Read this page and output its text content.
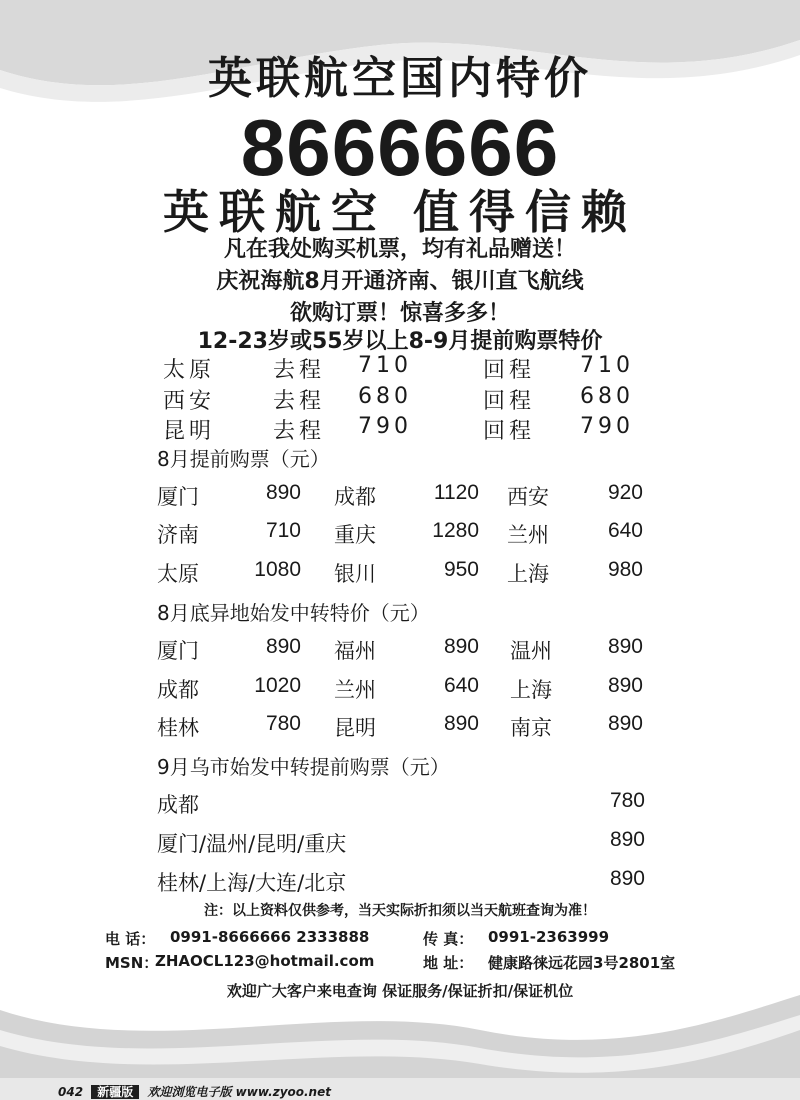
英联航空国内特价
8666666
英联航空 值得信赖
凡在我处购买机票，均有礼品赠送！
庆祝海航8月开通济南、银川直飞航线
欲购订票！惊喜多多！
12-23岁或55岁以上8-9月提前购票特价
太原	去程 710	回程 710
西安	去程 680	回程 680
昆明	去程 790	回程 790
8月提前购票（元）
厦门	890 成都	1120 西安	920
济南	710 重庆	1280 兰州	640
太原	1080 银川	950 上海	980
8月底异地始发中转特价（元）
厦门	890 福州	890 温州	890
成都	1020 兰州	640 上海	890
桂林	780 昆明	890 南京	890
9月乌市始发中转提前购票（元）
成都	780
厦门/温州/昆明/重庆	890
桂林/上海/大连/北京	890
注：以上资料仅供参考，当天实际折扣须以当天航班查询为准！
电 话： 0991-8666666 2333888	传 真： 0991-2363999
MSN：
ZHAOCL123@hotmail.com	地 址： 健康路徕远花园3号2801室
欢迎广大客户来电查询 保证服务/保证折扣/保证机位
042 新疆版 欢迎浏览电子版 www.zyoo.net
